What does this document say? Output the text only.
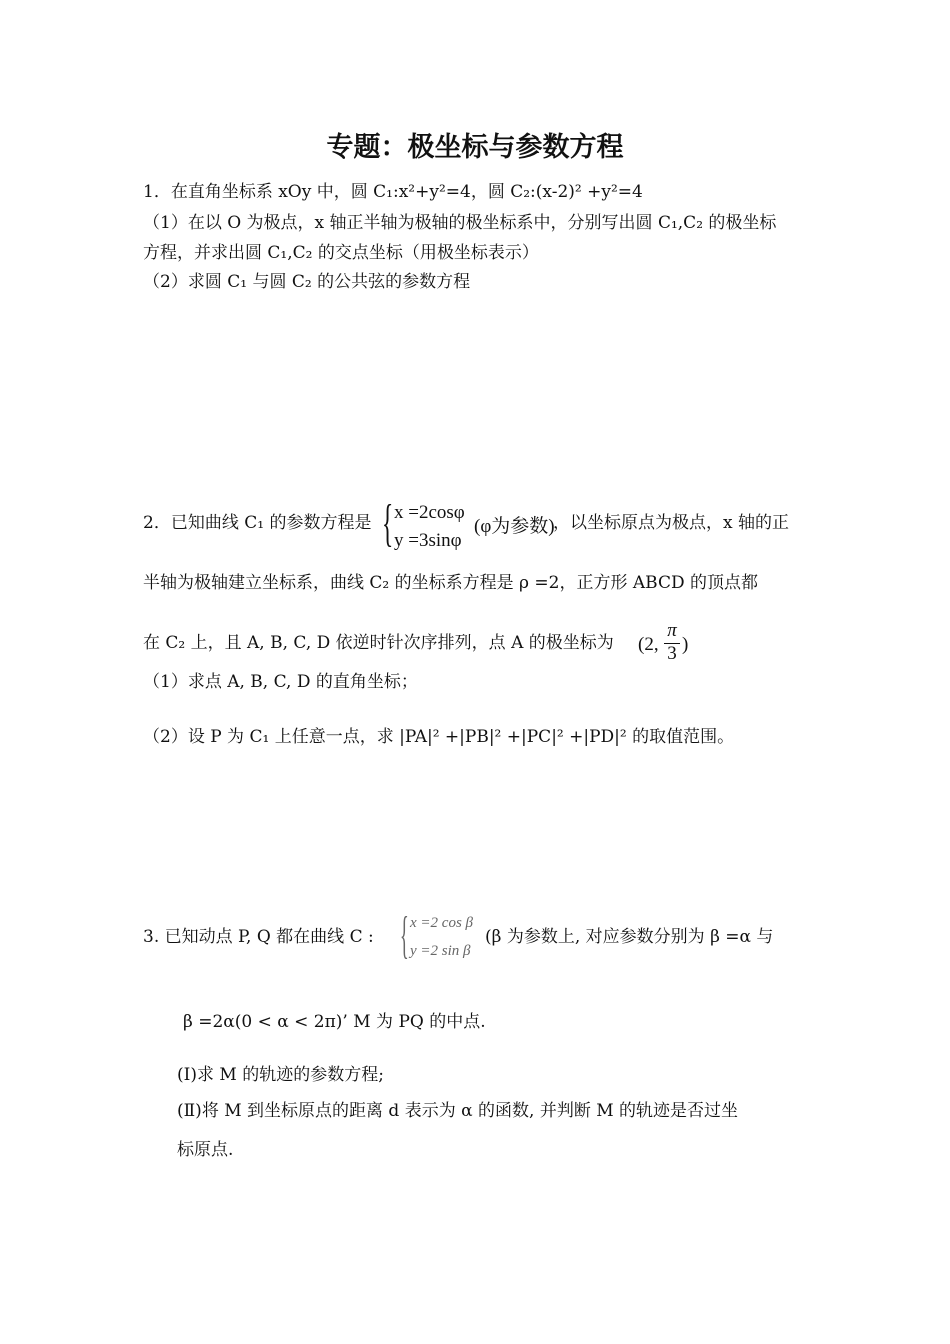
专题：极坐标与参数方程
1．在直角坐标系 xOy 中，圆 C₁:x²+y²=4，圆 C₂:(x-2)² +y²=4
（1）在以 O 为极点，x 轴正半轴为极轴的极坐标系中，分别写出圆 C₁,C₂ 的极坐标
方程，并求出圆 C₁,C₂ 的交点坐标（用极坐标表示）
（2）求圆 C₁ 与圆 C₂ 的公共弦的参数方程
2．已知曲线 C₁ 的参数方程是 { x =2cosφ
y =3sinφ
(φ为参数)
，以坐标原点为极点，x 轴的正
半轴为极轴建立坐标系，曲线 C₂ 的坐标系方程是 ρ =2，正方形 ABCD 的顶点都
在 C₂ 上，且 A, B, C, D 依逆时针次序排列，点 A 的极坐标为 (2,
π
3 )
（1）求点 A, B, C, D 的直角坐标；
（2）设 P 为 C₁ 上任意一点，求 |PA|² +|PB|² +|PC|² +|PD|² 的取值范围。
3. 已知动点 P, Q 都在曲线 C : { x =2 cos β
y =2 sin β
(β 为参数上, 对应参数分别为 β =α 与
β =2α(0 < α < 2π)’ M 为 PQ 的中点.
(Ⅰ)求 M 的轨迹的参数方程;
(Ⅱ)将 M 到坐标原点的距离 d 表示为 α 的函数, 并判断 M 的轨迹是否过坐
标原点.
